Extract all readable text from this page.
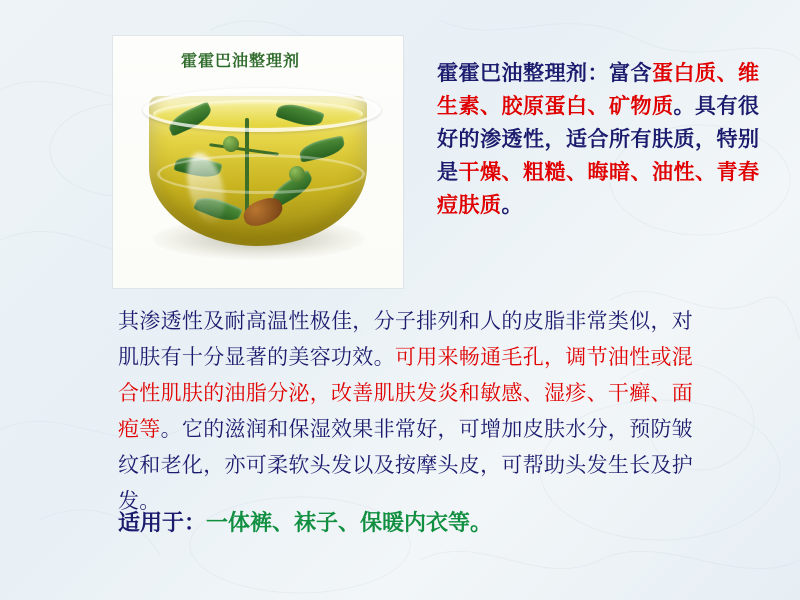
霍霍巴油整理剂
霍霍巴油整理剂：富含蛋白质、维生素、胶原蛋白、矿物质。具有很好的渗透性，适合所有肤质，特别是干燥、粗糙、晦暗、油性、青春痘肤质。
其渗透性及耐高温性极佳，分子排列和人的皮脂非常类似，对肌肤有十分显著的美容功效。可用来畅通毛孔，调节油性或混合性肌肤的油脂分泌，改善肌肤发炎和敏感、湿疹、干癣、面疱等。它的滋润和保湿效果非常好，可增加皮肤水分，预防皱纹和老化，亦可柔软头发以及按摩头皮，可帮助头发生长及护发。
适用于：一体裤、袜子、保暖内衣等。
